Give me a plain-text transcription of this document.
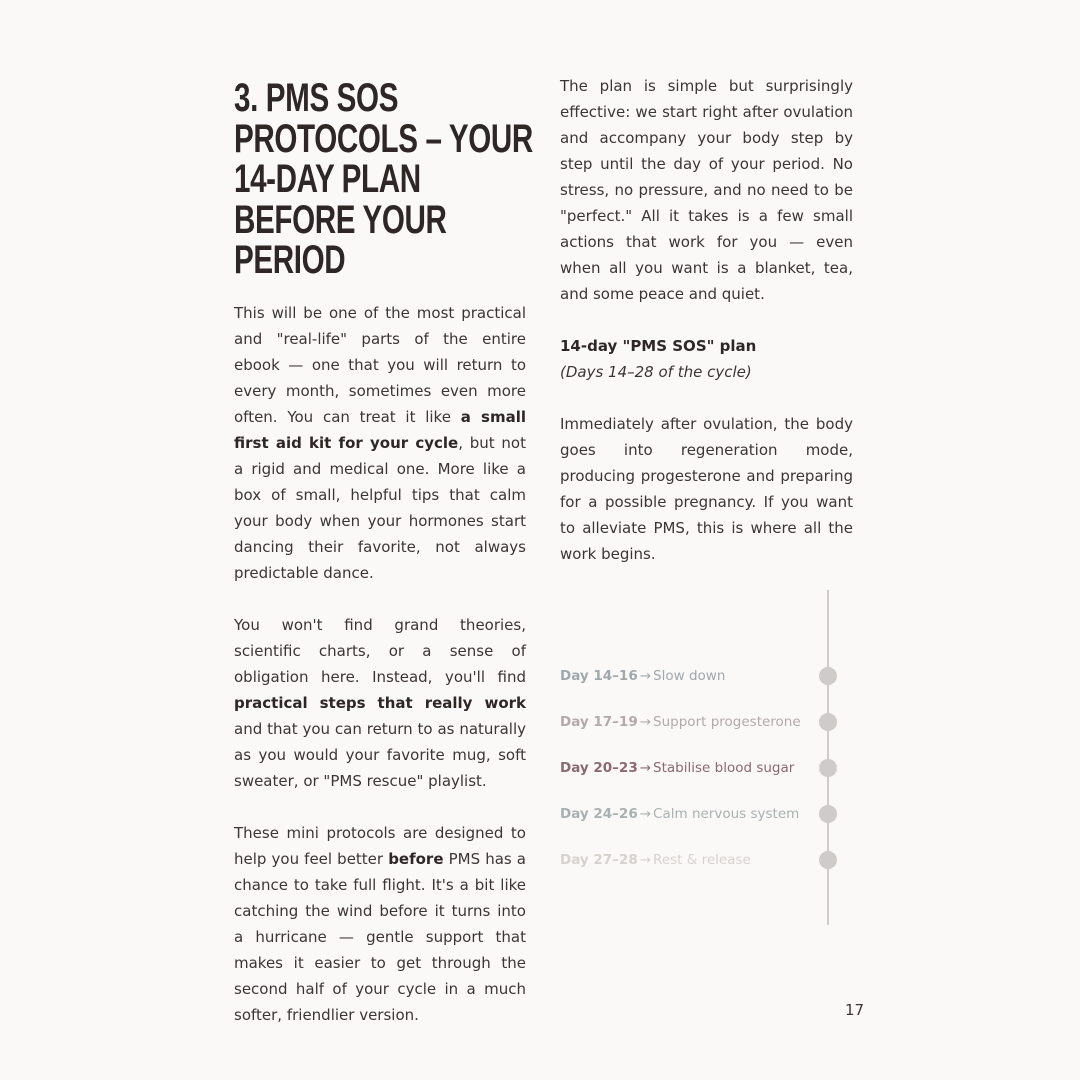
3. PMS SOS
PROTOCOLS – YOUR
14-DAY PLAN
BEFORE YOUR
PERIOD

This will be one of the most practical and "real-life" parts of the entire ebook — one that you will return to every month, sometimes even more often. You can treat it like a small first aid kit for your cycle, but not a rigid and medical one. More like a box of small, helpful tips that calm your body when your hormones start dancing their favorite, not always predictable dance.

You won't find grand theories, scientific charts, or a sense of obligation here. Instead, you'll find practical steps that really work and that you can return to as naturally as you would your favorite mug, soft sweater, or "PMS rescue" playlist.

These mini protocols are designed to help you feel better before PMS has a chance to take full flight. It's a bit like catching the wind before it turns into a hurricane — gentle support that makes it easier to get through the second half of your cycle in a much softer, friendlier version.

The plan is simple but surprisingly effective: we start right after ovulation and accompany your body step by step until the day of your period. No stress, no pressure, and no need to be "perfect." All it takes is a few small actions that work for you — even when all you want is a blanket, tea, and some peace and quiet.

14-day "PMS SOS" plan

(Days 14–28 of the cycle)

Immediately after ovulation, the body goes into regeneration mode, producing progesterone and preparing for a possible pregnancy. If you want to alleviate PMS, this is where all the work begins.

Day 14–16 → Slow down
Day 17–19 → Support progesterone
Day 20–23 → Stabilise blood sugar
Day 24–26 → Calm nervous system
Day 27–28 → Rest & release
17
